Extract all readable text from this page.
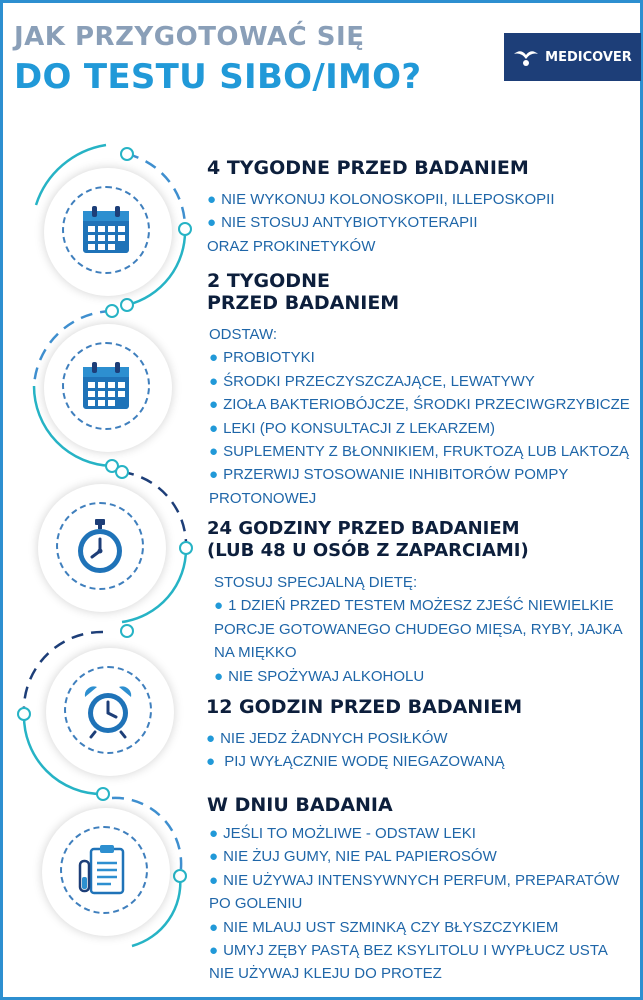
JAK PRZYGOTOWAĆ SIĘ
DO TESTU SIBO/IMO?	MEDICOVER
4 TYGODNE PRZED BADANIEM
● NIE WYKONUJ KOLONOSKOPII, ILLEPOSKOPII
● NIE STOSUJ ANTYBIOTYKOTERAPII
ORAZ PROKINETYKÓW
2 TYGODNE
PRZED BADANIEM
ODSTAW:
● PROBIOTYKI
● ŚRODKI PRZECZYSZCZAJĄCE, LEWATYWY
● ZIOŁA BAKTERIOBÓJCZE, ŚRODKI PRZECIWGRZYBICZE
● LEKI (PO KONSULTACJI Z LEKARZEM)
● SUPLEMENTY Z BŁONNIKIEM, FRUKTOZĄ LUB LAKTOZĄ
● PRZERWIJ STOSOWANIE INHIBITORÓW POMPY
PROTONOWEJ
24 GODZINY PRZED BADANIEM
(LUB 48 U OSÓB Z ZAPARCIAMI)
STOSUJ SPECJALNĄ DIETĘ:
● 1 DZIEŃ PRZED TESTEM MOŻESZ ZJEŚĆ NIEWIELKIE
PORCJE GOTOWANEGO CHUDEGO MIĘSA, RYBY, JAJKA
NA MIĘKKO
● NIE SPOŻYWAJ ALKOHOLU
12 GODZIN PRZED BADANIEM
● NIE JEDZ ŻADNYCH POSIŁKÓW
● PIJ WYŁĄCZNIE WODĘ NIEGAZOWANĄ
W DNIU BADANIA
● JEŚLI TO MOŻLIWE - ODSTAW LEKI
● NIE ŻUJ GUMY, NIE PAL PAPIEROSÓW
● NIE UŻYWAJ INTENSYWNYCH PERFUM, PREPARATÓW
PO GOLENIU
● NIE MLAUJ UST SZMINKĄ CZY BŁYSZCZYKIEM
● UMYJ ZĘBY PASTĄ BEZ KSYLITOLU I WYPŁUCZ USTA
NIE UŻYWAJ KLEJU DO PROTEZ
